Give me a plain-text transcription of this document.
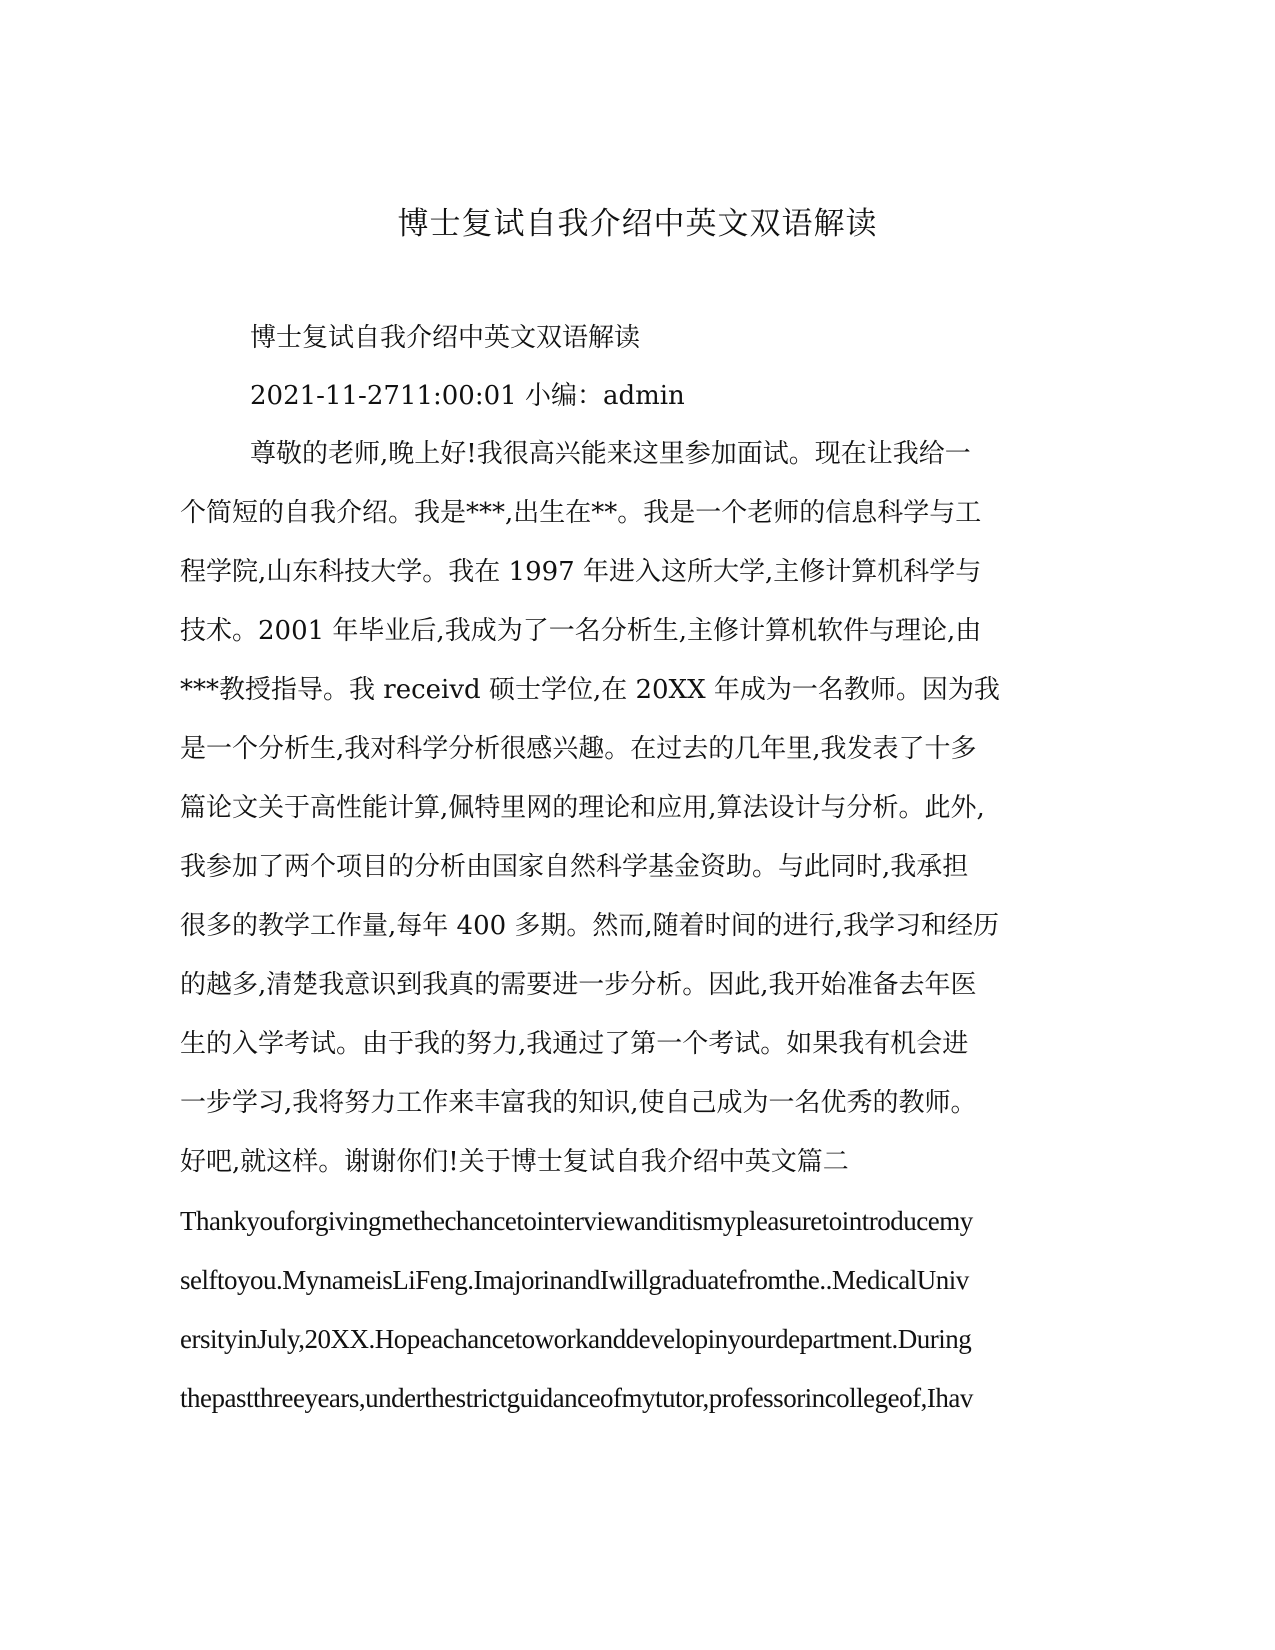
博士复试自我介绍中英文双语解读
博士复试自我介绍中英文双语解读
2021-11-2711:00:01 小编：admin
尊敬的老师,晚上好!我很高兴能来这里参加面试。现在让我给一
个简短的自我介绍。我是***,出生在**。我是一个老师的信息科学与工
程学院,山东科技大学。我在 1997 年进入这所大学,主修计算机科学与
技术。2001 年毕业后,我成为了一名分析生,主修计算机软件与理论,由
***教授指导。我 receivd 硕士学位,在 20XX 年成为一名教师。因为我
是一个分析生,我对科学分析很感兴趣。在过去的几年里,我发表了十多
篇论文关于高性能计算,佩特里网的理论和应用,算法设计与分析。此外,
我参加了两个项目的分析由国家自然科学基金资助。与此同时,我承担
很多的教学工作量,每年 400 多期。然而,随着时间的进行,我学习和经历
的越多,清楚我意识到我真的需要进一步分析。因此,我开始准备去年医
生的入学考试。由于我的努力,我通过了第一个考试。如果我有机会进
一步学习,我将努力工作来丰富我的知识,使自己成为一名优秀的教师。
好吧,就这样。谢谢你们!关于博士复试自我介绍中英文篇二
Thankyouforgivingmethechancetointerviewanditismypleasuretointroducemy
selftoyou.MynameisLiFeng.ImajorinandIwillgraduatefromthe..MedicalUniv
ersityinJuly,20XX.Hopeachancetoworkanddevelopinyourdepartment.During
thepastthreeyears,underthestrictguidanceofmytutor,professorincollegeof,Ihav
